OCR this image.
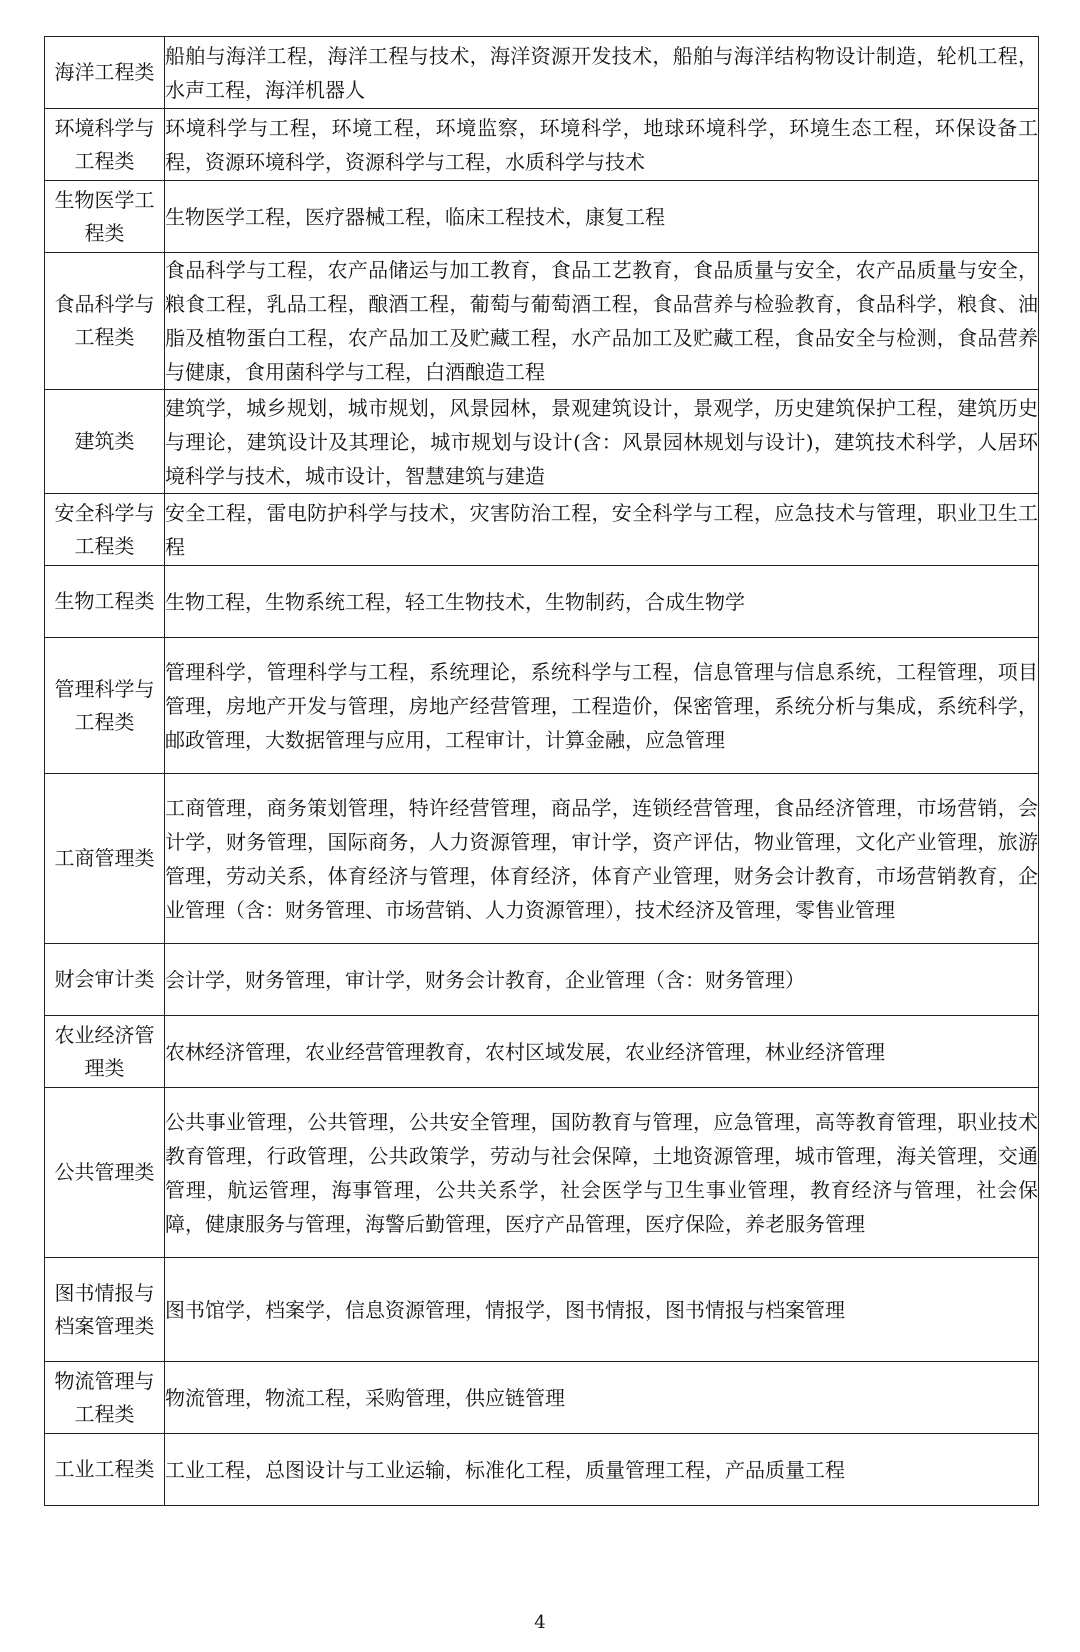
海洋工程类	船舶与海洋工程，海洋工程与技术，海洋资源开发技术，船舶与海洋结构物设计制造，轮机工程，水声工程，海洋机器人

环境科学与工程类	环境科学与工程，环境工程，环境监察，环境科学，地球环境科学，环境生态工程，环保设备工程，资源环境科学，资源科学与工程，水质科学与技术

生物医学工程类	生物医学工程，医疗器械工程，临床工程技术，康复工程

食品科学与工程类	食品科学与工程，农产品储运与加工教育，食品工艺教育，食品质量与安全，农产品质量与安全，粮食工程，乳品工程，酿酒工程，葡萄与葡萄酒工程，食品营养与检验教育，食品科学，粮食、油脂及植物蛋白工程，农产品加工及贮藏工程，水产品加工及贮藏工程，食品安全与检测，食品营养与健康，食用菌科学与工程，白酒酿造工程

建筑类	建筑学，城乡规划，城市规划，风景园林，景观建筑设计，景观学，历史建筑保护工程，建筑历史与理论，建筑设计及其理论，城市规划与设计(含：风景园林规划与设计)，建筑技术科学，人居环境科学与技术，城市设计，智慧建筑与建造

安全科学与工程类	安全工程，雷电防护科学与技术，灾害防治工程，安全科学与工程，应急技术与管理，职业卫生工程

生物工程类	生物工程，生物系统工程，轻工生物技术，生物制药，合成生物学

管理科学与工程类	管理科学，管理科学与工程，系统理论，系统科学与工程，信息管理与信息系统，工程管理，项目管理，房地产开发与管理，房地产经营管理，工程造价，保密管理，系统分析与集成，系统科学，邮政管理，大数据管理与应用，工程审计，计算金融，应急管理

工商管理类	工商管理，商务策划管理，特许经营管理，商品学，连锁经营管理，食品经济管理，市场营销，会计学，财务管理，国际商务，人力资源管理，审计学，资产评估，物业管理，文化产业管理，旅游管理，劳动关系，体育经济与管理，体育经济，体育产业管理，财务会计教育，市场营销教育，企业管理（含：财务管理、市场营销、人力资源管理），技术经济及管理，零售业管理

财会审计类	会计学，财务管理，审计学，财务会计教育，企业管理（含：财务管理）

农业经济管理类	农林经济管理，农业经营管理教育，农村区域发展，农业经济管理，林业经济管理

公共管理类	公共事业管理，公共管理，公共安全管理，国防教育与管理，应急管理，高等教育管理，职业技术教育管理，行政管理，公共政策学，劳动与社会保障，土地资源管理，城市管理，海关管理，交通管理，航运管理，海事管理，公共关系学，社会医学与卫生事业管理，教育经济与管理，社会保障，健康服务与管理，海警后勤管理，医疗产品管理，医疗保险，养老服务管理

图书情报与档案管理类	图书馆学，档案学，信息资源管理，情报学，图书情报，图书情报与档案管理

物流管理与工程类	物流管理，物流工程，采购管理，供应链管理

工业工程类	工业工程，总图设计与工业运输，标准化工程，质量管理工程，产品质量工程
4
